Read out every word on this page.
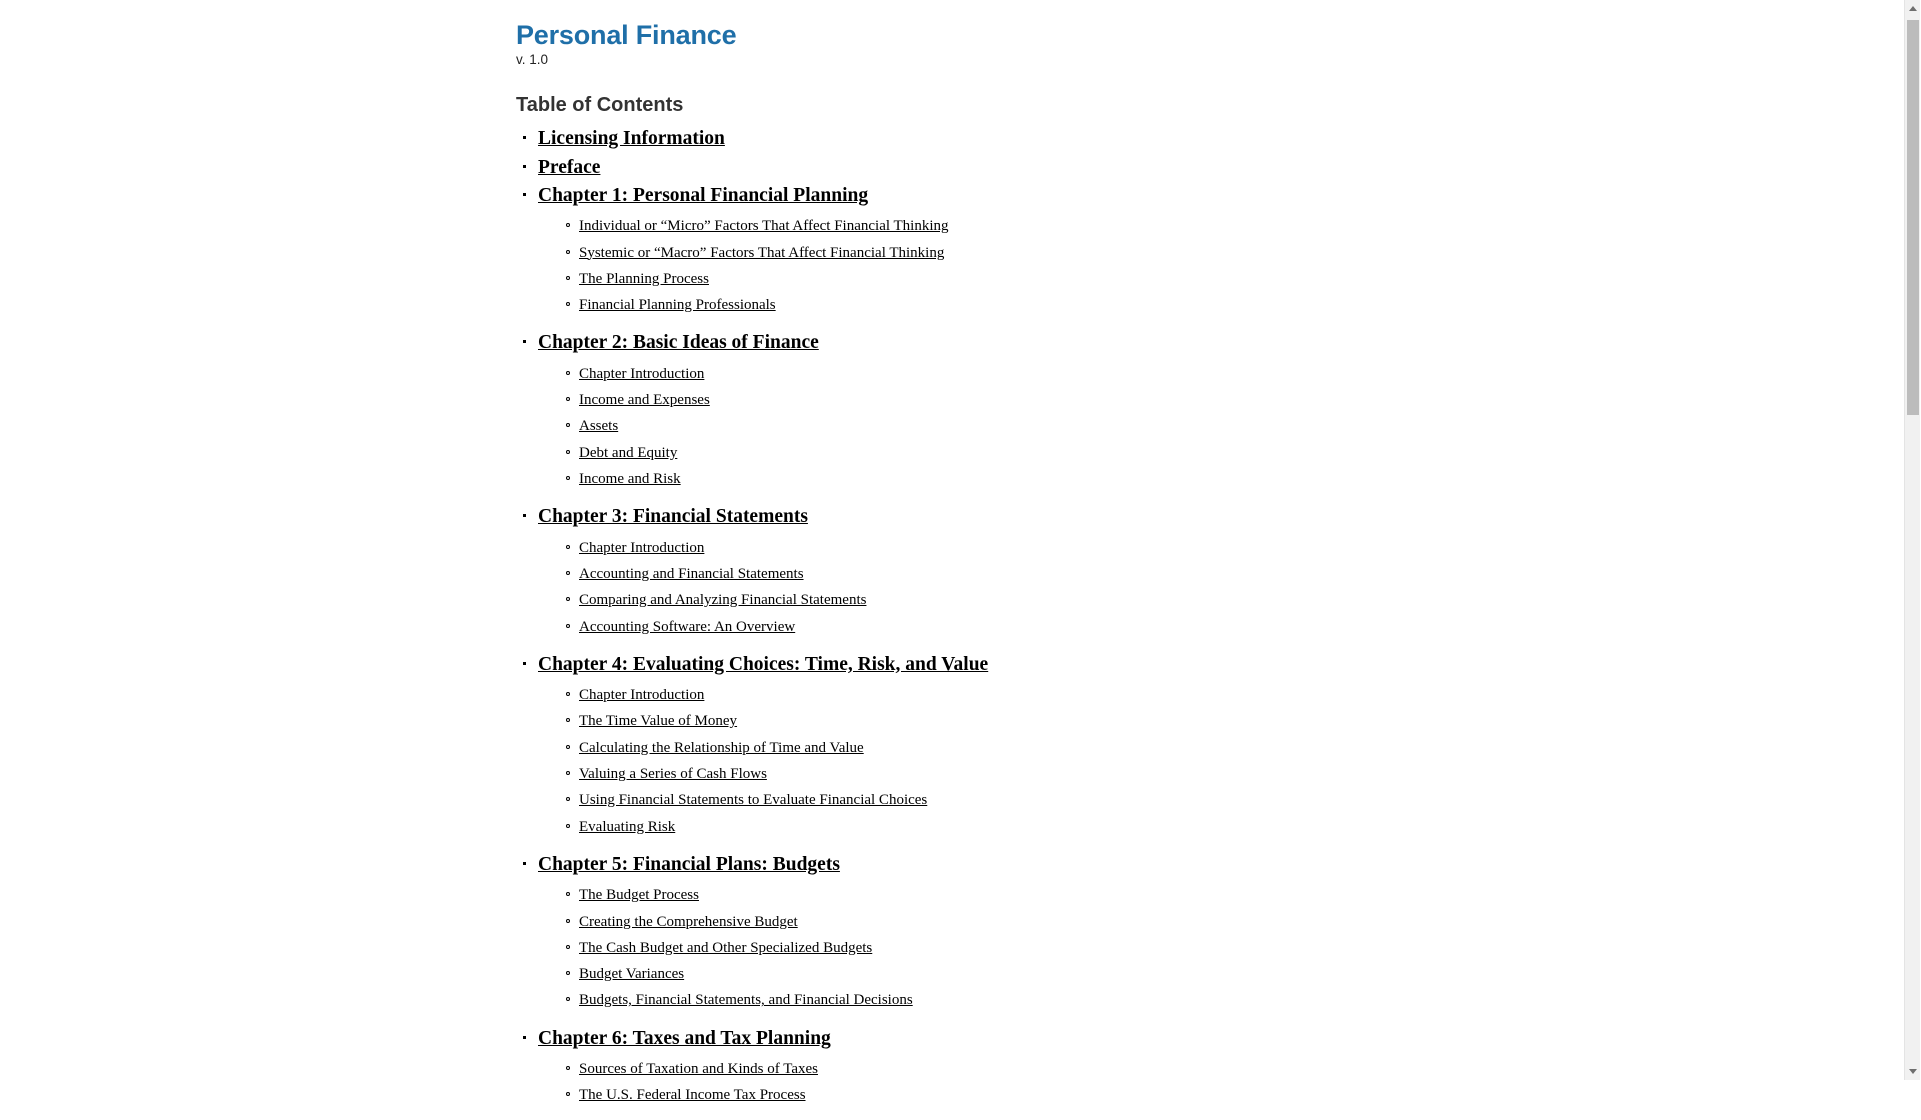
Personal Finance
v. 1.0
Table of Contents
Licensing Information
Preface
Chapter 1: Personal Financial Planning
Individual or “Micro” Factors That Affect Financial Thinking
Systemic or “Macro” Factors That Affect Financial Thinking
The Planning Process
Financial Planning Professionals
Chapter 2: Basic Ideas of Finance
Chapter Introduction
Income and Expenses
Assets
Debt and Equity
Income and Risk
Chapter 3: Financial Statements
Chapter Introduction
Accounting and Financial Statements
Comparing and Analyzing Financial Statements
Accounting Software: An Overview
Chapter 4: Evaluating Choices: Time, Risk, and Value
Chapter Introduction
The Time Value of Money
Calculating the Relationship of Time and Value
Valuing a Series of Cash Flows
Using Financial Statements to Evaluate Financial Choices
Evaluating Risk
Chapter 5: Financial Plans: Budgets
The Budget Process
Creating the Comprehensive Budget
The Cash Budget and Other Specialized Budgets
Budget Variances
Budgets, Financial Statements, and Financial Decisions
Chapter 6: Taxes and Tax Planning
Sources of Taxation and Kinds of Taxes
The U.S. Federal Income Tax Process
